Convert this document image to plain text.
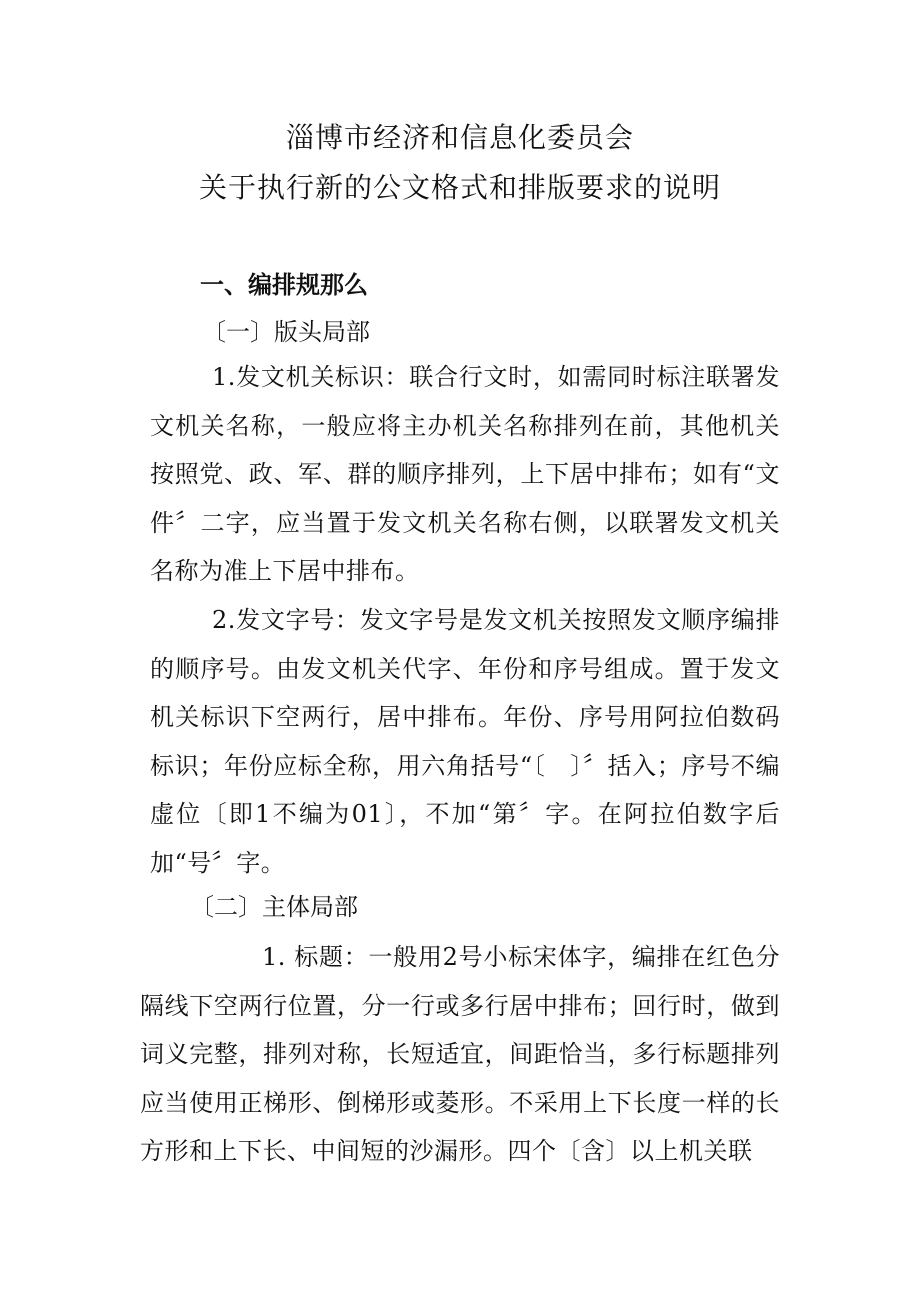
淄博市经济和信息化委员会
关于执行新的公文格式和排版要求的说明
一、编排规那么
〔一〕版头局部
1.发文机关标识：联合行文时，如需同时标注联署发文机关名称，一般应将主办机关名称排列在前，其他机关按照党、政、军、群的顺序排列，上下居中排布；如有“文件〞二字，应当置于发文机关名称右侧，以联署发文机关名称为准上下居中排布。
2.发文字号：发文字号是发文机关按照发文顺序编排的顺序号。由发文机关代字、年份和序号组成。置于发文机关标识下空两行，居中排布。年份、序号用阿拉伯数码标识；年份应标全称，用六角括号“〔　〕〞括入；序号不编虚位〔即1不编为01〕，不加“第〞字。在阿拉伯数字后加“号〞字。
〔二〕主体局部
1. 标题：一般用2号小标宋体字，编排在红色分隔线下空两行位置，分一行或多行居中排布；回行时，做到词义完整，排列对称，长短适宜，间距恰当，多行标题排列应当使用正梯形、倒梯形或菱形。不采用上下长度一样的长方形和上下长、中间短的沙漏形。四个〔含〕以上机关联
